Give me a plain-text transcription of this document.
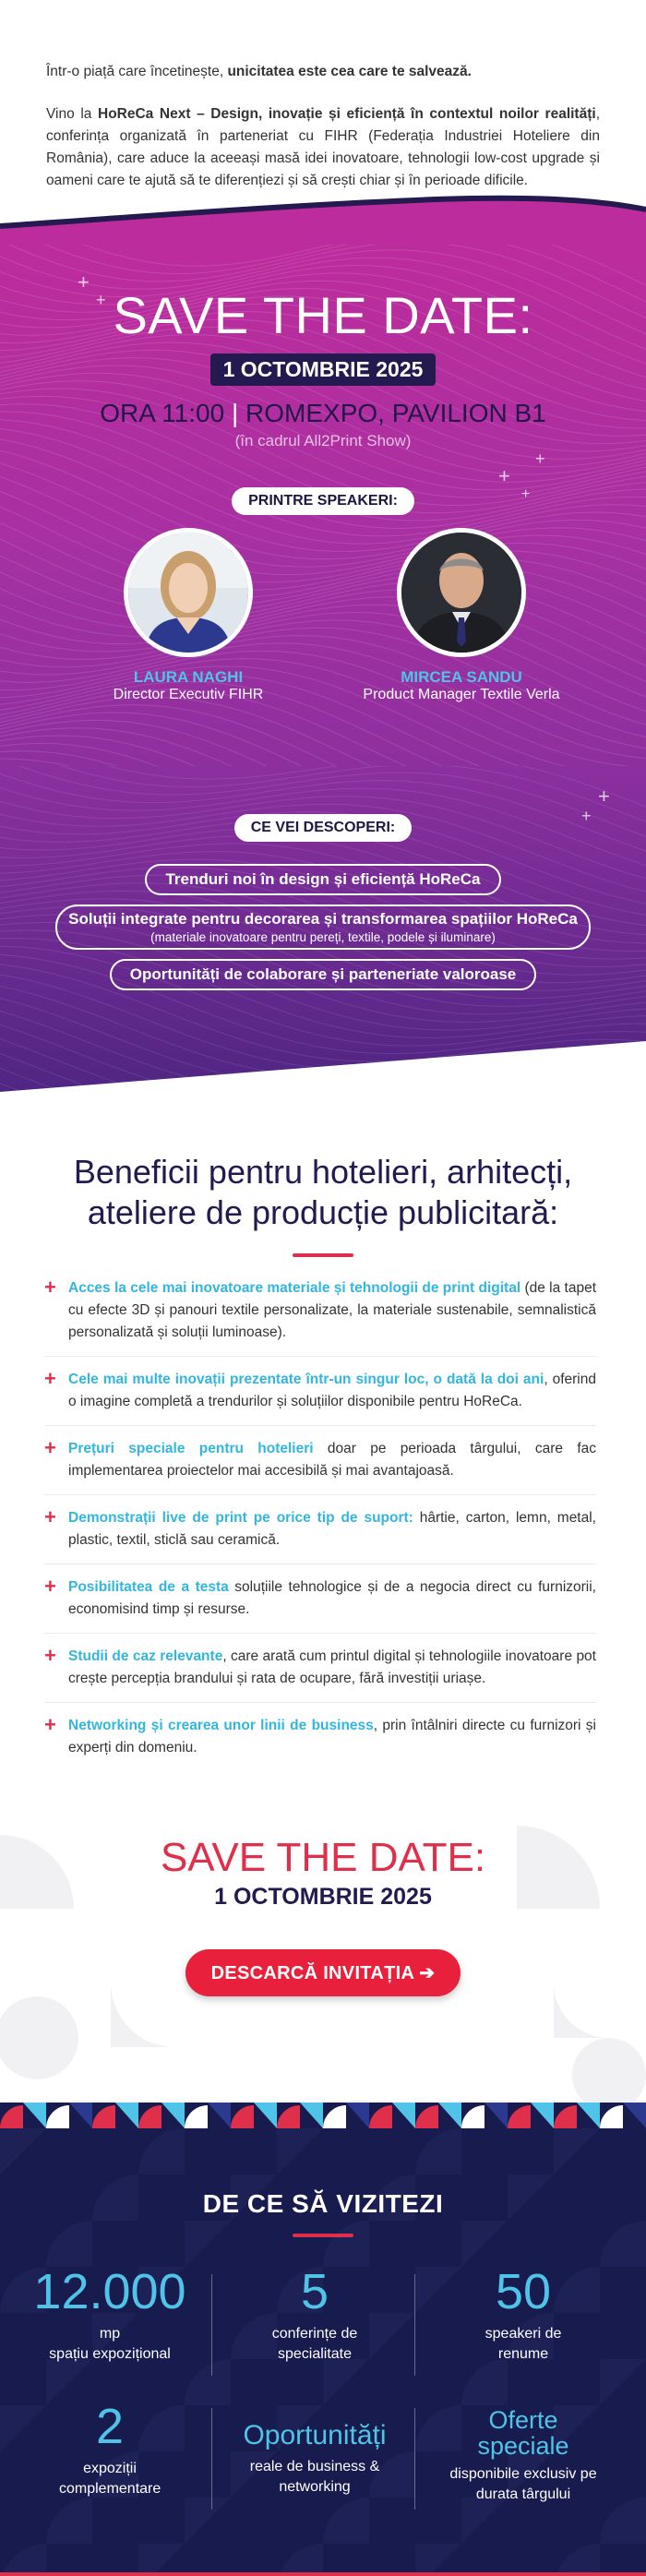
Într-o piață care încetinește, unicitatea este cea care te salvează.

Vino la HoReCa Next – Design, inovație și eficiență în contextul noilor realități, conferința organizată în parteneriat cu FIHR (Federația Industriei Hoteliere din România), care aduce la aceeași masă idei inovatoare, tehnologii low-cost upgrade și oameni care te ajută să te diferențiezi și să crești chiar și în perioade dificile.

+
+
+
+
+
SAVE THE DATE:
1 OCTOMBRIE 2025
ORA 11:00 | ROMEXPO, PAVILION B1
(în cadrul All2Print Show)
PRINTRE SPEAKERI:
LAURA NAGHI
Director Executiv FIHR
MIRCEA SANDU
Product Manager Textile Verla
+
+
CE VEI DESCOPERI:
Trenduri noi în design și eficiență HoReCa
Soluții integrate pentru decorarea și transformarea spațiilor HoReCa
(materiale inovatoare pentru pereți, textile, podele și iluminare)
Oportunități de colaborare și parteneriate valoroase
Beneficii pentru hotelieri, arhitecți, ateliere de producție publicitară:
+ Acces la cele mai inovatoare materiale și tehnologii de print digital (de la tapet cu efecte 3D și panouri textile personalizate, la materiale sustenabile, semnalistică personalizată și soluții luminoase).
+ Cele mai multe inovații prezentate într-un singur loc, o dată la doi ani, oferind o imagine completă a trendurilor și soluțiilor disponibile pentru HoReCa.
+ Prețuri speciale pentru hotelieri doar pe perioada târgului, care fac implementarea proiectelor mai accesibilă și mai avantajoasă.
+ Demonstrații live de print pe orice tip de suport: hârtie, carton, lemn, metal, plastic, textil, sticlă sau ceramică.
+ Posibilitatea de a testa soluțiile tehnologice și de a negocia direct cu furnizorii, economisind timp și resurse.
+ Studii de caz relevante, care arată cum printul digital și tehnologiile inovatoare pot crește percepția brandului și rata de ocupare, fără investiții uriașe.
+ Networking și crearea unor linii de business, prin întâlniri directe cu furnizori și experți din domeniu.
SAVE THE DATE:
1 OCTOMBRIE 2025
DESCARCĂ INVITAȚIA ➔
DE CE SĂ VIZITEZI
12.000
mp
spațiu expozițional
5
conferințe de specialitate
50
speakeri de renume
2
expoziții complementare
Oportunități
reale de business & networking
Oferte speciale
disponibile exclusiv pe durata târgului
